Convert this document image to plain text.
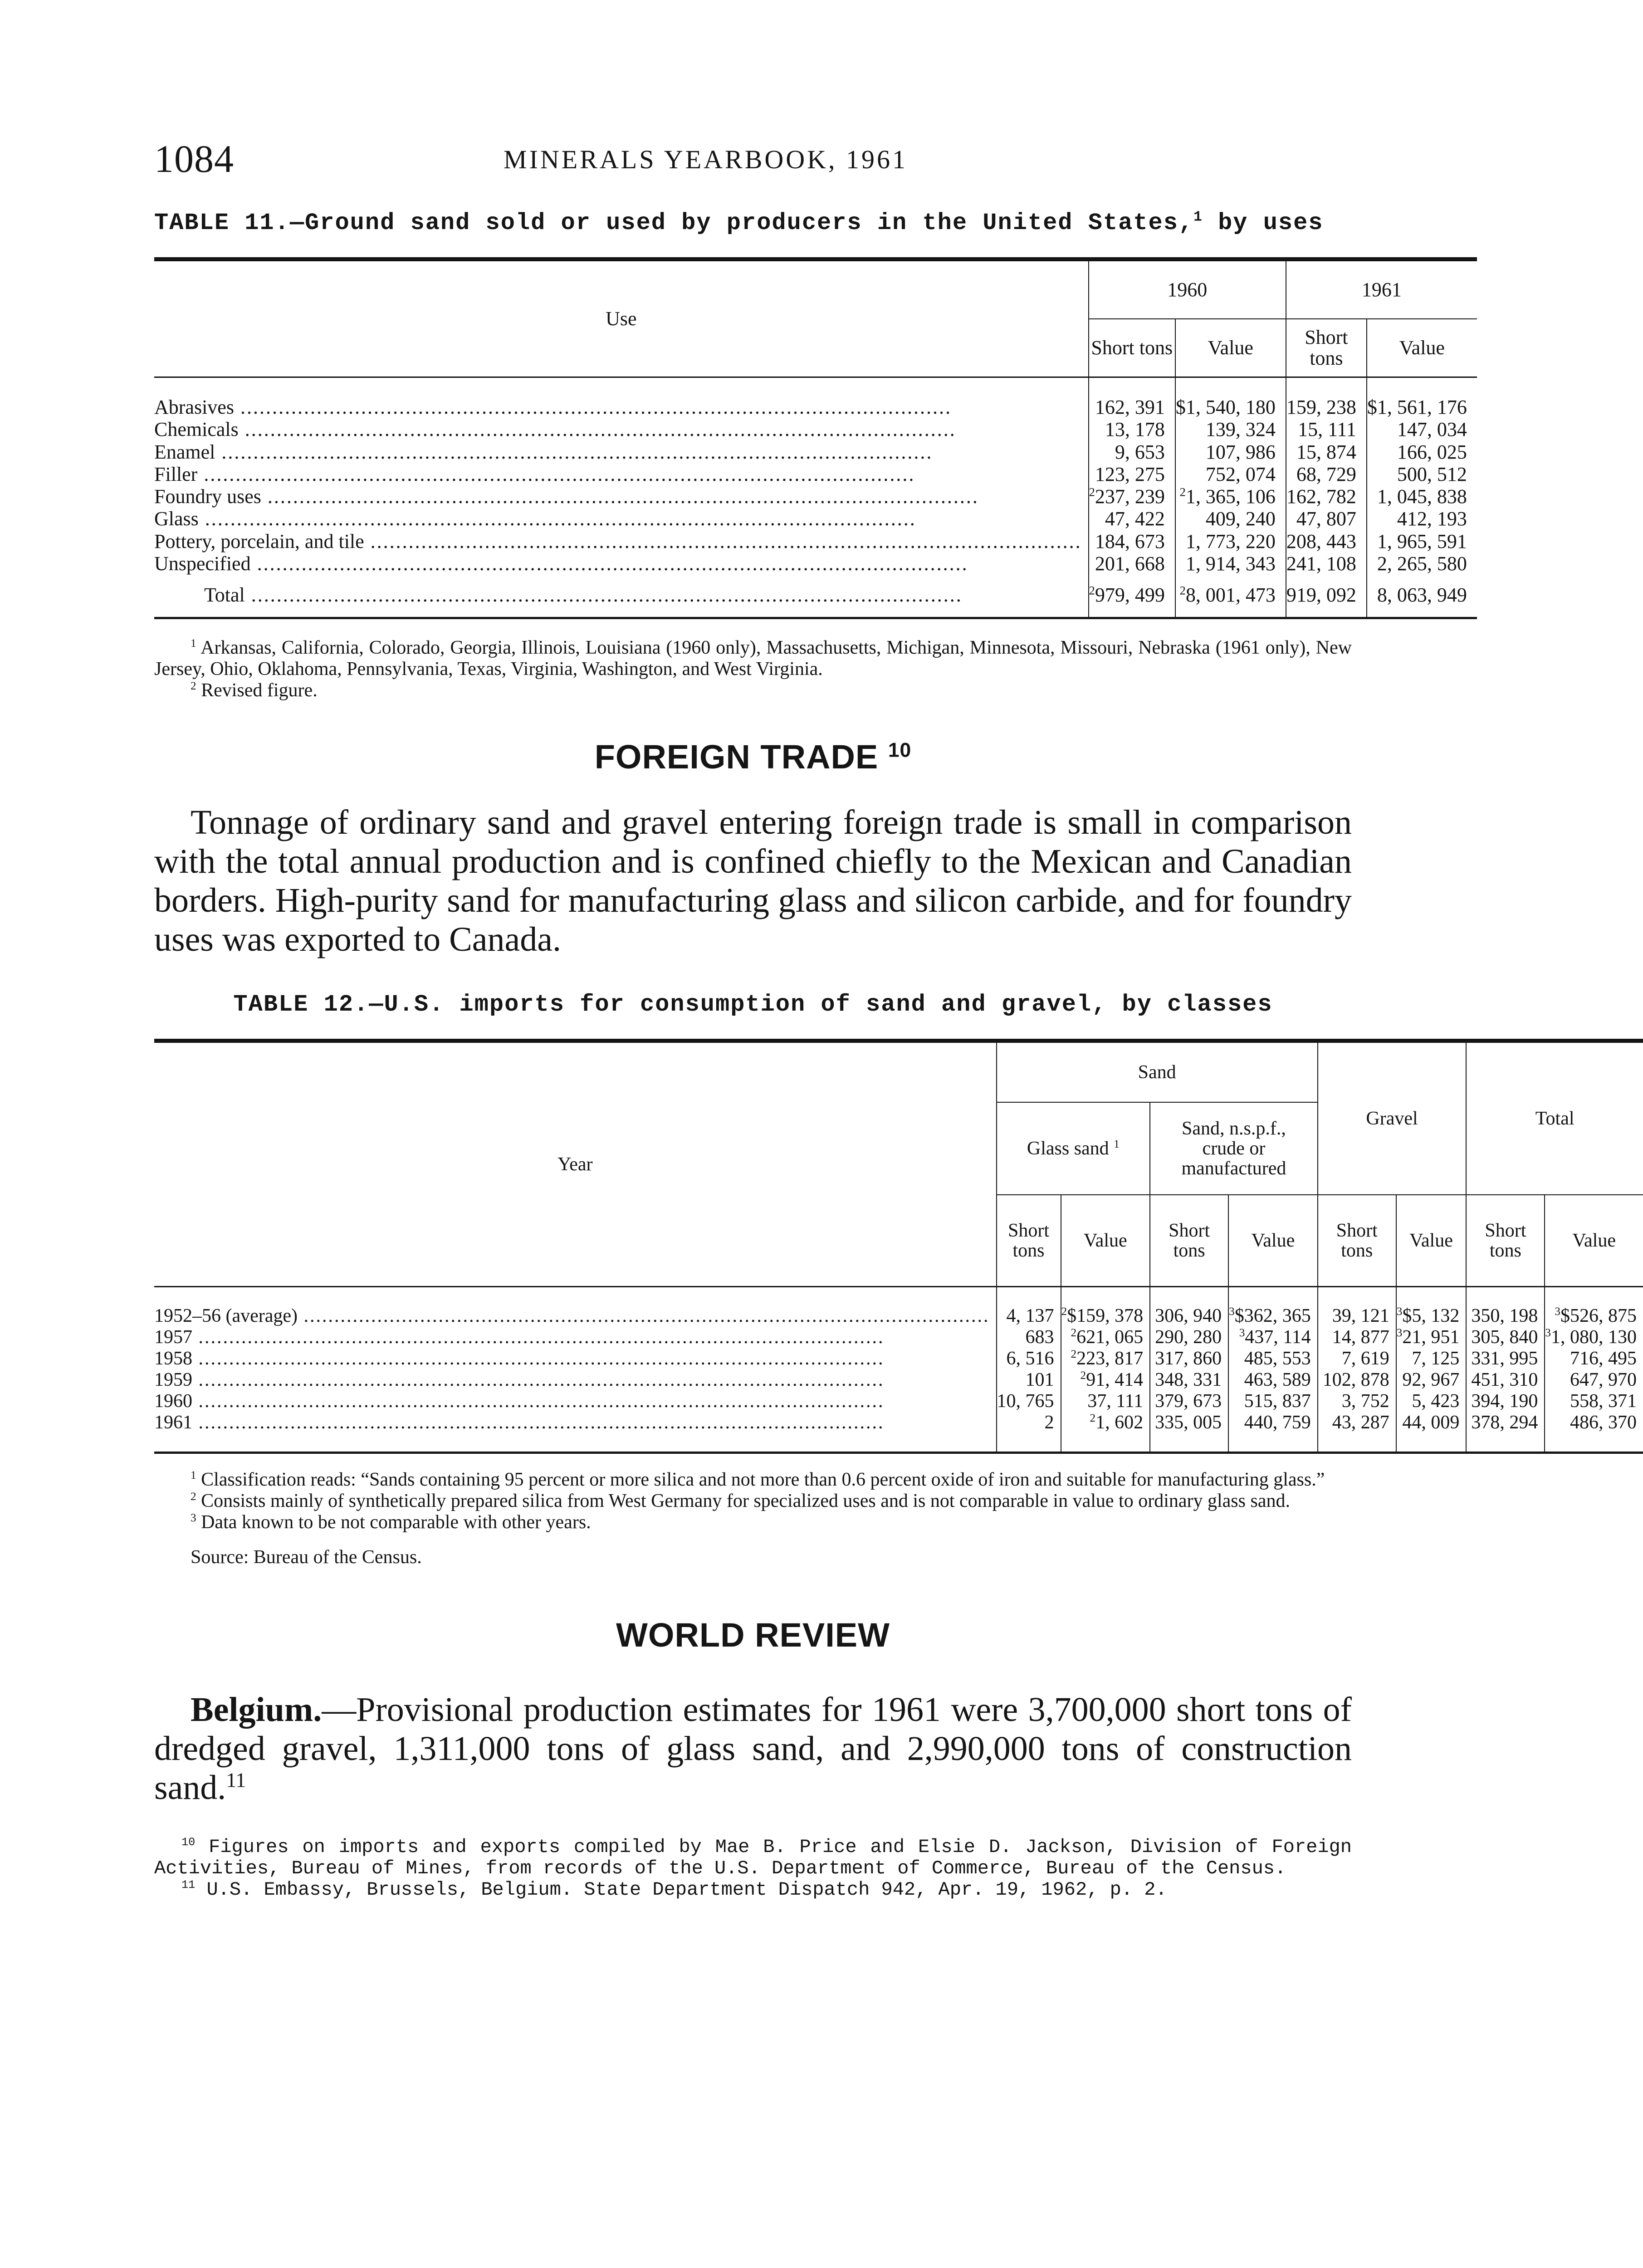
1084	MINERALS YEARBOOK, 1961

TABLE 11.—Ground sand sold or used by producers in the United States,$^1$ by uses

Use	1960		1961	
	Short tons	Value	Short tons	Value

Abrasives .....	162, 391	$1, 540, 180	159, 238	$1, 561, 176
Chemicals .....	13, 178	139, 324	15, 111	147, 034
Enamel .....	9, 653	107, 986	15, 874	166, 025
Filler .....	123, 275	752, 074	68, 729	500, 512
Foundry uses .....	$^2$237, 239	$^2$1, 365, 106	162, 782	1, 045, 838
Glass .....	47, 422	409, 240	47, 807	412, 193
Pottery, porcelain, and tile .....	184, 673	1, 773, 220	208, 443	1, 965, 591
Unspecified .....	201, 668	1, 914, 343	241, 108	2, 265, 580
Total .....	$^2$979, 499	$^2$8, 001, 473	919, 092	8, 063, 949

$^1$ Arkansas, California, Colorado, Georgia, Illinois, Louisiana (1960 only), Massachusetts, Michigan, Minnesota, Missouri, Nebraska (1961 only), New Jersey, Ohio, Oklahoma, Pennsylvania, Texas, Virginia, Washington, and West Virginia.

$^2$ Revised figure.

FOREIGN TRADE $^{10}$

Tonnage of ordinary sand and gravel entering foreign trade is small in comparison with the total annual production and is confined chiefly to the Mexican and Canadian borders. High-purity sand for manufacturing glass and silicon carbide, and for foundry uses was exported to Canada.

TABLE 12.—U.S. imports for consumption of sand and gravel, by classes

Year	Sand				Gravel		Total	
	Glass sand $^1$		Sand, n.s.p.f., crude or manufactured					
	Short tons	Value	Short tons	Value	Short tons	Value	Short tons	Value

1952–56 (average) .....	4, 137	$^2$\$159, 378	306, 940	$^3$\$362, 365	39, 121	$^3$\$5, 132	350, 198	$^3$\$526, 875
1957 .....	683	$^2$621, 065	290, 280	$^3$437, 114	14, 877	$^3$21, 951	305, 840	$^3$1, 080, 130
1958 .....	6, 516	$^2$223, 817	317, 860	485, 553	7, 619	7, 125	331, 995	716, 495
1959 .....	101	$^2$91, 414	348, 331	463, 589	102, 878	92, 967	451, 310	647, 970
1960 .....	10, 765	37, 111	379, 673	515, 837	3, 752	5, 423	394, 190	558, 371
1961 .....	2	$^2$1, 602	335, 005	440, 759	43, 287	44, 009	378, 294	486, 370

$^1$ Classification reads: “Sands containing 95 percent or more silica and not more than 0.6 percent oxide of iron and suitable for manufacturing glass.”

$^2$ Consists mainly of synthetically prepared silica from West Germany for specialized uses and is not comparable in value to ordinary glass sand.

$^3$ Data known to be not comparable with other years.

Source: Bureau of the Census.

WORLD REVIEW

Belgium.—Provisional production estimates for 1961 were 3,700,000 short tons of dredged gravel, 1,311,000 tons of glass sand, and 2,990,000 tons of construction sand.$^{11}$

$^{10}$ Figures on imports and exports compiled by Mae B. Price and Elsie D. Jackson, Division of Foreign Activities, Bureau of Mines, from records of the U.S. Department of Commerce, Bureau of the Census.

$^{11}$ U.S. Embassy, Brussels, Belgium. State Department Dispatch 942, Apr. 19, 1962, p. 2.
